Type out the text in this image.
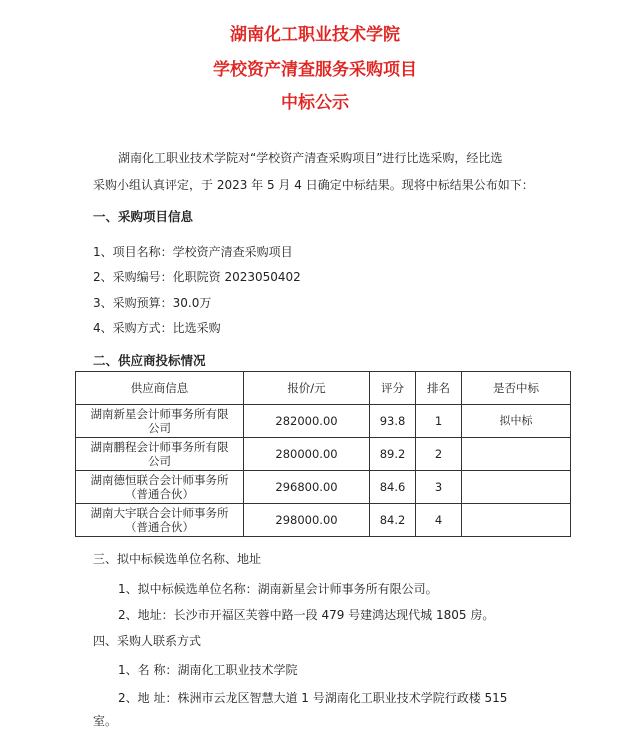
湖南化工职业技术学院
学校资产清查服务采购项目
中标公示
湖南化工职业技术学院对“学校资产清查采购项目”进行比选采购，经比选
采购小组认真评定，于 2023 年 5 月 4 日确定中标结果。现将中标结果公布如下：
一、采购项目信息
1、项目名称：学校资产清查采购项目
2、采购编号：化职院资 2023050402
3、采购预算：30.0万
4、采购方式：比选采购
二、供应商投标情况
供应商信息	报价/元	评分	排名	是否中标
湖南新星会计师事务所有限
公司	282000.00	93.8	1	拟中标
湖南鹏程会计师事务所有限
公司	280000.00	89.2	2	
湖南德恒联合会计师事务所
（普通合伙）	296800.00	84.6	3	
湖南大宇联合会计师事务所
（普通合伙）	298000.00	84.2	4	
三、拟中标候选单位名称、地址
1、拟中标候选单位名称：湖南新星会计师事务所有限公司。
2、地址：长沙市开福区芙蓉中路一段 479 号建鸿达现代城 1805 房。
四、采购人联系方式
1、名 称：湖南化工职业技术学院
2、地 址：株洲市云龙区智慧大道 1 号湖南化工职业技术学院行政楼 515
室。
